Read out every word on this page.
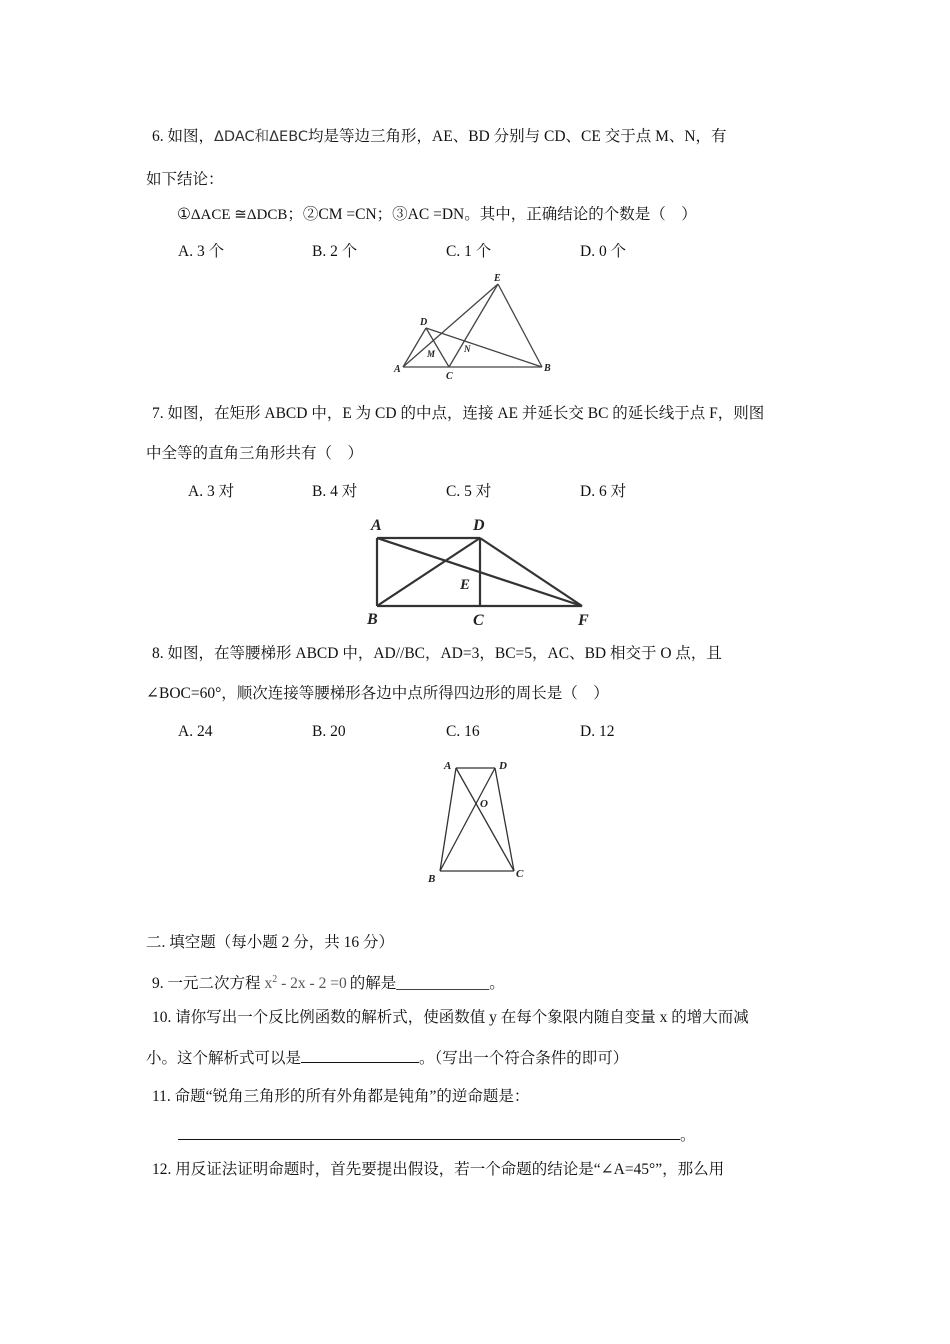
6. 如图，ΔDAC和ΔEBC均是等边三角形，AE、BD 分别与 CD、CE 交于点 M、N，有
如下结论：
①ΔACE ≅ΔDCB；②CM =CN；③AC =DN。其中，正确结论的个数是（　）
A. 3 个	B. 2 个	C. 1 个	D. 0 个
A
C
B
D
E
M	N
7. 如图，在矩形 ABCD 中，E 为 CD 的中点，连接 AE 并延长交 BC 的延长线于点 F，则图
中全等的直角三角形共有（　）
A. 3 对	B. 4 对	C. 5 对	D. 6 对
A	D
E
B	C	F
8. 如图，在等腰梯形 ABCD 中，AD//BC，AD=3，BC=5，AC、BD 相交于 O 点，且
∠BOC=60°，顺次连接等腰梯形各边中点所得四边形的周长是（　）
A. 24	B. 20	C. 16	D. 12
A	D
O
B	C
二. 填空题（每小题 2 分，共 16 分）
9. 一元二次方程 $x^2 - 2x - 2 =0$ 的解是____________。
10. 请你写出一个反比例函数的解析式，使函数值 y 在每个象限内随自变量 x 的增大而减
小。这个解析式可以是	。（写出一个符合条件的即可）
11. 命题“锐角三角形的所有外角都是钝角”的逆命题是：
。
12. 用反证法证明命题时，首先要提出假设，若一个命题的结论是“∠A=45°”，那么用
